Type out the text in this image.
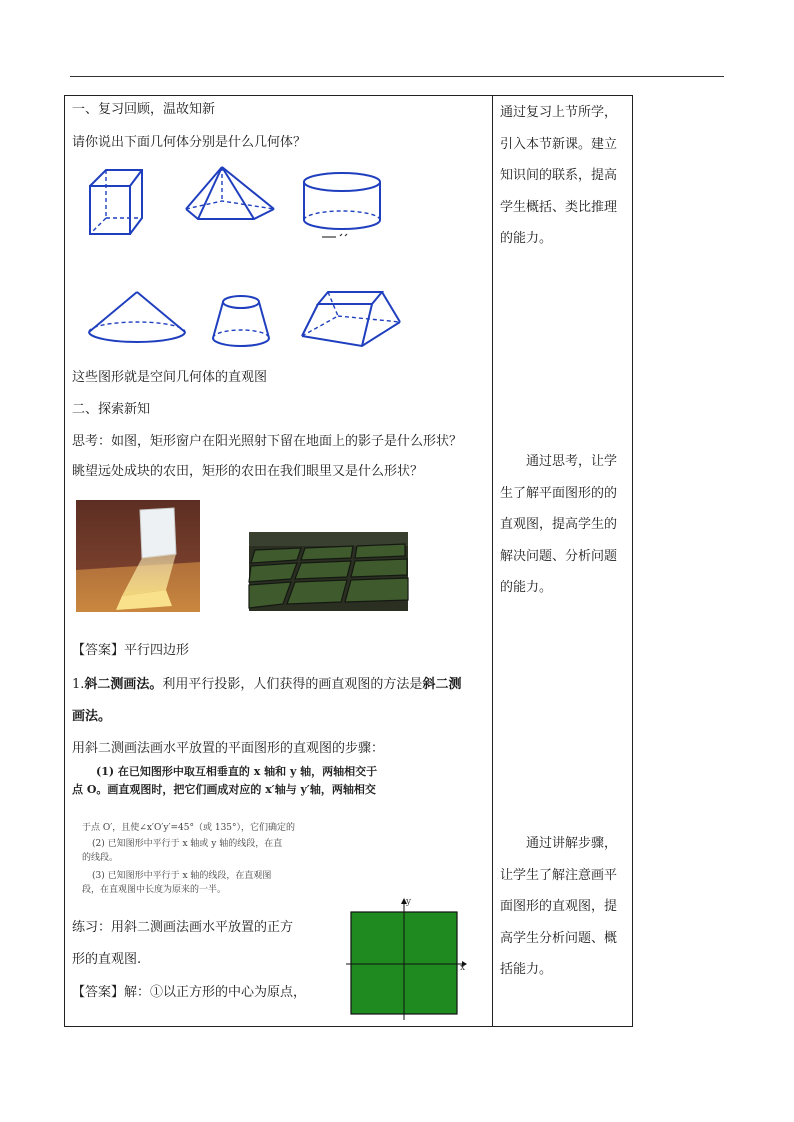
一、复习回顾，温故知新
请你说出下面几何体分别是什么几何体？
这些图形就是空间几何体的直观图
二、探索新知
思考：如图，矩形窗户在阳光照射下留在地面上的影子是什么形状？
眺望远处成块的农田，矩形的农田在我们眼里又是什么形状？
【答案】平行四边形
1.斜二测画法。利用平行投影，人们获得的画直观图的方法是斜二测
画法。
用斜二测画法画水平放置的平面图形的直观图的步骤：
(1) 在已知图形中取互相垂直的 x 轴和 y 轴，两轴相交于
点 O。画直观图时，把它们画成对应的 x′轴与 y′轴，两轴相交
于点 O′，且使∠x′O′y′=45°（或 135°），它们确定的
(2) 已知图形中平行于 x 轴或 y 轴的线段，在直
的线段。
(3) 已知图形中平行于 x 轴的线段，在直观图
段，在直观图中长度为原来的一半。
练习：用斜二测画法画水平放置的正方
形的直观图.
【答案】解：①以正方形的中心为原点，
x
y
通过复习上节所学，引入本节新课。建立知识间的联系，提高学生概括、类比推理的能力。
　　通过思考，让学生了解平面图形的的直观图，提高学生的解决问题、分析问题的能力。
　　通过讲解步骤，让学生了解注意画平面图形的直观图，提高学生分析问题、概括能力。
